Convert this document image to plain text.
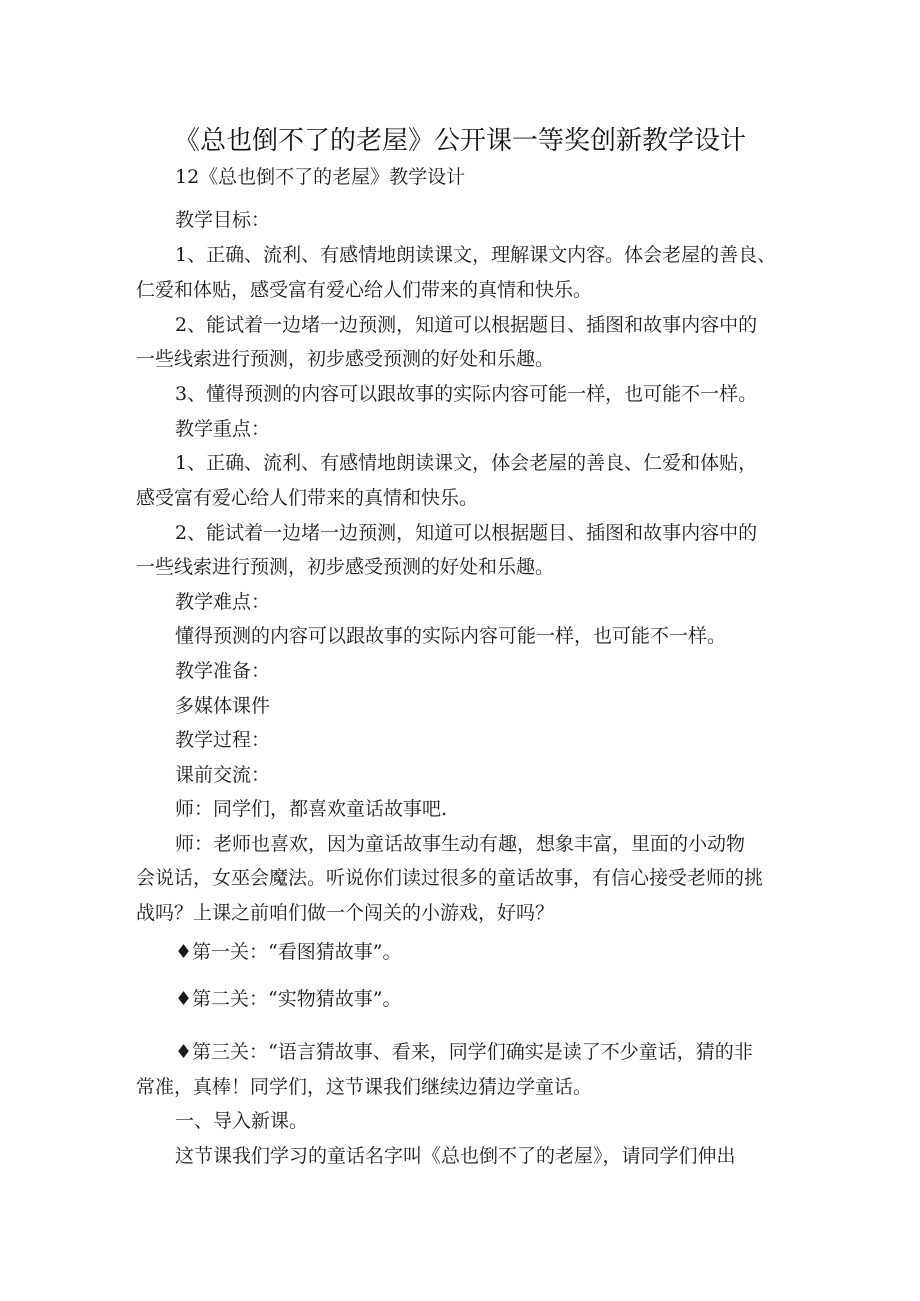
《总也倒不了的老屋》公开课一等奖创新教学设计
12《总也倒不了的老屋》教学设计
教学目标：
1、正确、流利、有感情地朗读课文，理解课文内容。体会老屋的善良、
仁爱和体贴，感受富有爱心给人们带来的真情和快乐。
2、能试着一边堵一边预测，知道可以根据题目、插图和故事内容中的
一些线索进行预测，初步感受预测的好处和乐趣。
3、懂得预测的内容可以跟故事的实际内容可能一样，也可能不一样。
教学重点：
1、正确、流利、有感情地朗读课文，体会老屋的善良、仁爱和体贴，
感受富有爱心给人们带来的真情和快乐。
2、能试着一边堵一边预测，知道可以根据题目、插图和故事内容中的
一些线索进行预测，初步感受预测的好处和乐趣。
教学难点：
懂得预测的内容可以跟故事的实际内容可能一样，也可能不一样。
教学准备：
多媒体课件
教学过程：
课前交流：
师：同学们，都喜欢童话故事吧.
师：老师也喜欢，因为童话故事生动有趣，想象丰富，里面的小动物
会说话，女巫会魔法。听说你们读过很多的童话故事，有信心接受老师的挑
战吗？上课之前咱们做一个闯关的小游戏，好吗？
♦第一关：“看图猜故事”。
♦第二关：“实物猜故事”。
♦第三关：“语言猜故事、看来，同学们确实是读了不少童话，猜的非
常准，真棒！同学们，这节课我们继续边猜边学童话。
一、导入新课。
这节课我们学习的童话名字叫《总也倒不了的老屋》，请同学们伸出
